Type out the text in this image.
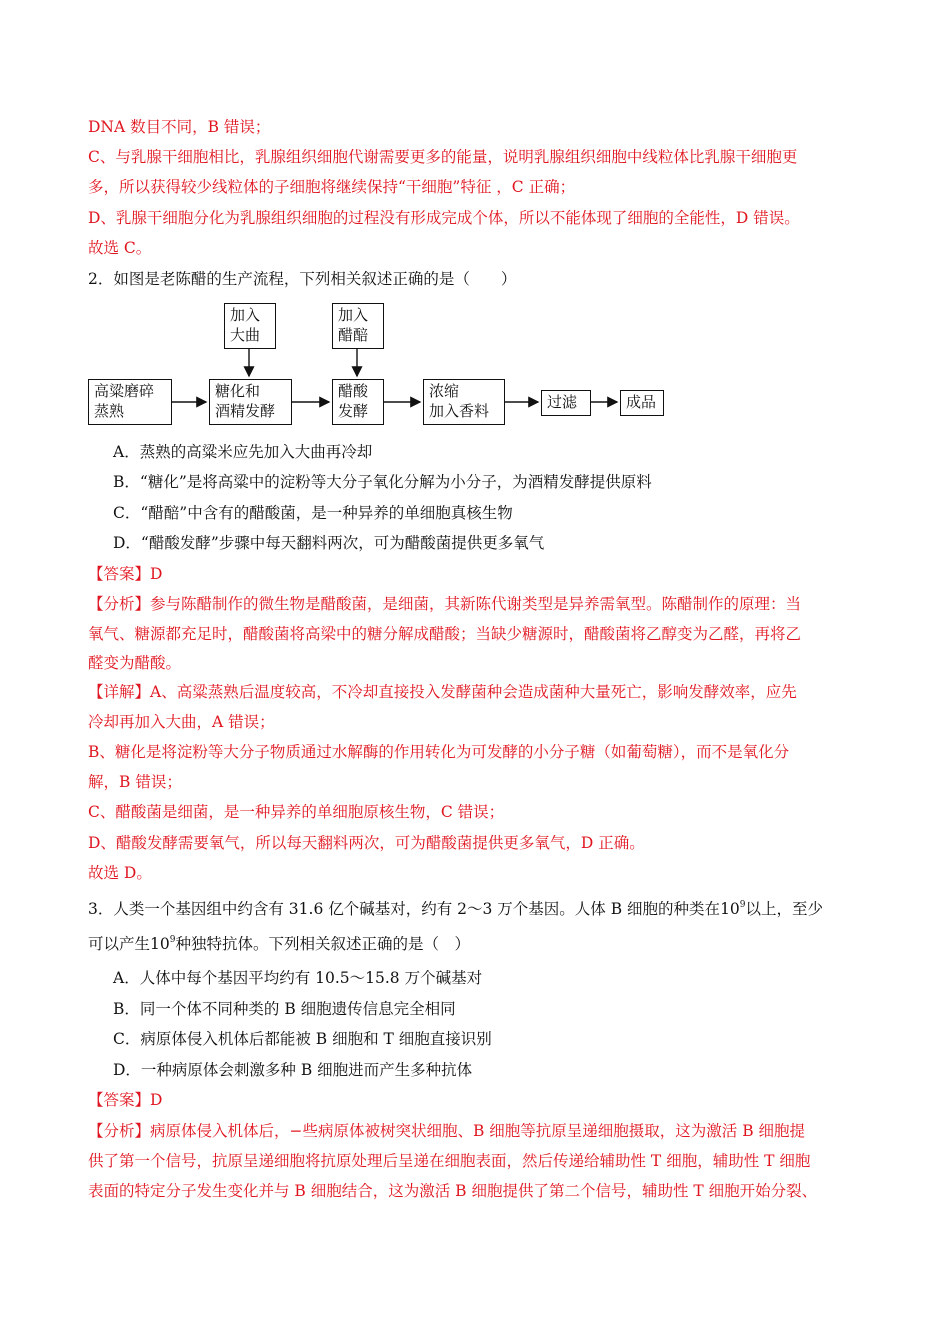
DNA 数目不同，B 错误；
C、与乳腺干细胞相比，乳腺组织细胞代谢需要更多的能量，说明乳腺组织细胞中线粒体比乳腺干细胞更
多，所以获得较少线粒体的子细胞将继续保持“干细胞”特征 ，C 正确；
D、乳腺干细胞分化为乳腺组织细胞的过程没有形成完成个体，所以不能体现了细胞的全能性，D 错误。
故选 C。
2．如图是老陈醋的生产流程，下列相关叙述正确的是（　　）
加入
大曲
加入
醋醅
高粱磨碎
蒸熟
糖化和
酒精发酵
醋酸
发酵
浓缩
加入香料	过滤	成品
A．蒸熟的高粱米应先加入大曲再冷却
B．“糖化”是将高粱中的淀粉等大分子氧化分解为小分子，为酒精发酵提供原料
C．“醋醅”中含有的醋酸菌，是一种异养的单细胞真核生物
D．“醋酸发酵”步骤中每天翻料两次，可为醋酸菌提供更多氧气
【答案】D
【分析】参与陈醋制作的微生物是醋酸菌，是细菌，其新陈代谢类型是异养需氧型。陈醋制作的原理：当
氧气、糖源都充足时，醋酸菌将高梁中的糖分解成醋酸；当缺少糖源时，醋酸菌将乙醇变为乙醛，再将乙
醛变为醋酸。
【详解】A、高粱蒸熟后温度较高，不冷却直接投入发酵菌种会造成菌种大量死亡，影响发酵效率，应先
冷却再加入大曲，A 错误；
B、糖化是将淀粉等大分子物质通过水解酶的作用转化为可发酵的小分子糖（如葡萄糖），而不是氧化分
解，B 错误；
C、醋酸菌是细菌，是一种异养的单细胞原核生物，C 错误；
D、醋酸发酵需要氧气，所以每天翻料两次，可为醋酸菌提供更多氧气，D 正确。
故选 D。
3．人类一个基因组中约含有 31.6 亿个碱基对，约有 2～3 万个基因。人体 B 细胞的种类在$10^9$以上，至少
可以产生$10^9$种独特抗体。下列相关叙述正确的是（　）
A．人体中每个基因平均约有 10.5～15.8 万个碱基对
B．同一个体不同种类的 B 细胞遗传信息完全相同
C．病原体侵入机体后都能被 B 细胞和 T 细胞直接识别
D．一种病原体会刺激多种 B 细胞进而产生多种抗体
【答案】D
【分析】病原体侵入机体后，−些病原体被树突状细胞、B 细胞等抗原呈递细胞摄取，这为激活 B 细胞提
供了第一个信号，抗原呈递细胞将抗原处理后呈递在细胞表面，然后传递给辅助性 T 细胞，辅助性 T 细胞
表面的特定分子发生变化并与 B 细胞结合，这为激活 B 细胞提供了第二个信号，辅助性 T 细胞开始分裂、
